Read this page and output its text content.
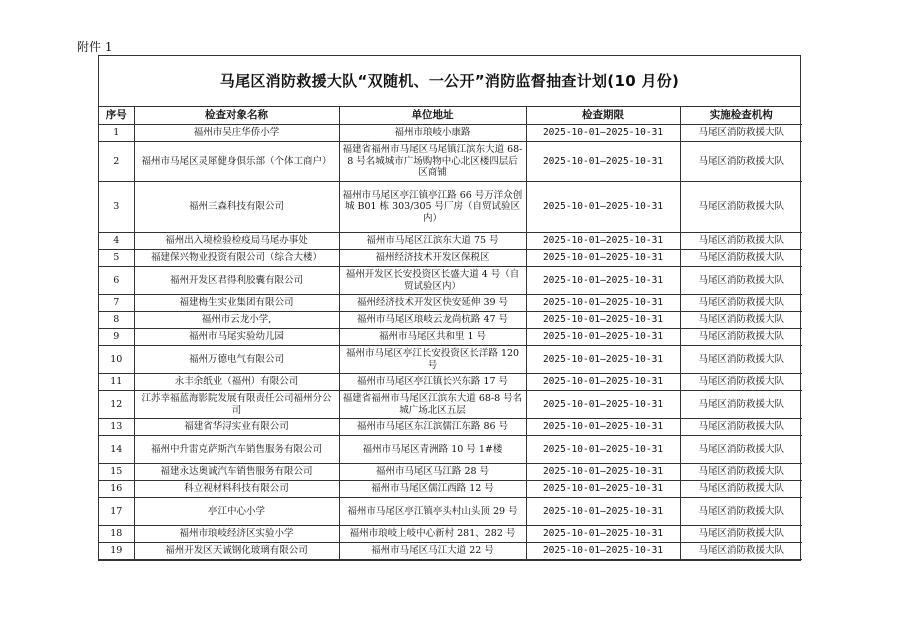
附件 1
马尾区消防救援大队“双随机、一公开”消防监督抽查计划(10 月份)
序号	检查对象名称	单位地址	检查期限	实施检查机构
1	福州市吴庄华侨小学	福州市琅岐小康路	2025-10-01—2025-10-31	马尾区消防救援大队
2	福州市马尾区灵犀健身俱乐部（个体工商户）	福建省福州市马尾区马尾镇江滨东大道 68-8 号名城城市广场购物中心北区楼四层后区商铺	2025-10-01—2025-10-31	马尾区消防救援大队
3	福州三森科技有限公司	福州市马尾区亭江镇亭江路 66 号万洋众创城 B01 栋 303/305 号厂房（自贸试验区内）	2025-10-01—2025-10-31	马尾区消防救援大队
4	福州出入境检验检疫局马尾办事处	福州市马尾区江滨东大道 75 号	2025-10-01—2025-10-31	马尾区消防救援大队
5	福建保兴物业投资有限公司（综合大楼）	福州经济技术开发区保税区	2025-10-01—2025-10-31	马尾区消防救援大队
6	福州开发区君得利胶囊有限公司	福州开发区长安投资区长盛大道 4 号（自贸试验区内）	2025-10-01—2025-10-31	马尾区消防救援大队
7	福建梅生实业集团有限公司	福州经济技术开发区快安延伸 39 号	2025-10-01—2025-10-31	马尾区消防救援大队
8	福州市云龙小学,	福州市马尾区琅岐云龙尚杭路 47 号	2025-10-01—2025-10-31	马尾区消防救援大队
9	福州市马尾实验幼儿园	福州市马尾区共和里 1 号	2025-10-01—2025-10-31	马尾区消防救援大队
10	福州万德电气有限公司	福州市马尾区亭江长安投资区长洋路 120 号	2025-10-01—2025-10-31	马尾区消防救援大队
11	永丰余纸业（福州）有限公司	福州市马尾区亭江镇长兴东路 17 号	2025-10-01—2025-10-31	马尾区消防救援大队
12	江苏幸福蓝海影院发展有限责任公司福州分公司	福建省福州市马尾区江滨东大道 68-8 号名城广场北区五层	2025-10-01—2025-10-31	马尾区消防救援大队
13	福建省华浔实业有限公司	福州市马尾区东江滨儒江东路 86 号	2025-10-01—2025-10-31	马尾区消防救援大队
14	福州中升雷克萨斯汽车销售服务有限公司	福州市马尾区青洲路 10 号 1#楼	2025-10-01—2025-10-31	马尾区消防救援大队
15	福建永达奥诚汽车销售服务有限公司	福州市马尾区马江路 28 号	2025-10-01—2025-10-31	马尾区消防救援大队
16	科立视材料科技有限公司	福州市马尾区儒江西路 12 号	2025-10-01—2025-10-31	马尾区消防救援大队
17	亭江中心小学	福州市马尾区亭江镇亭头村山头顶 29 号	2025-10-01—2025-10-31	马尾区消防救援大队
18	福州市琅岐经济区实验小学	福州市琅岐上岐中心新村 281、282 号	2025-10-01—2025-10-31	马尾区消防救援大队
19	福州开发区天诚钢化玻璃有限公司	福州市马尾区马江大道 22 号	2025-10-01—2025-10-31	马尾区消防救援大队
